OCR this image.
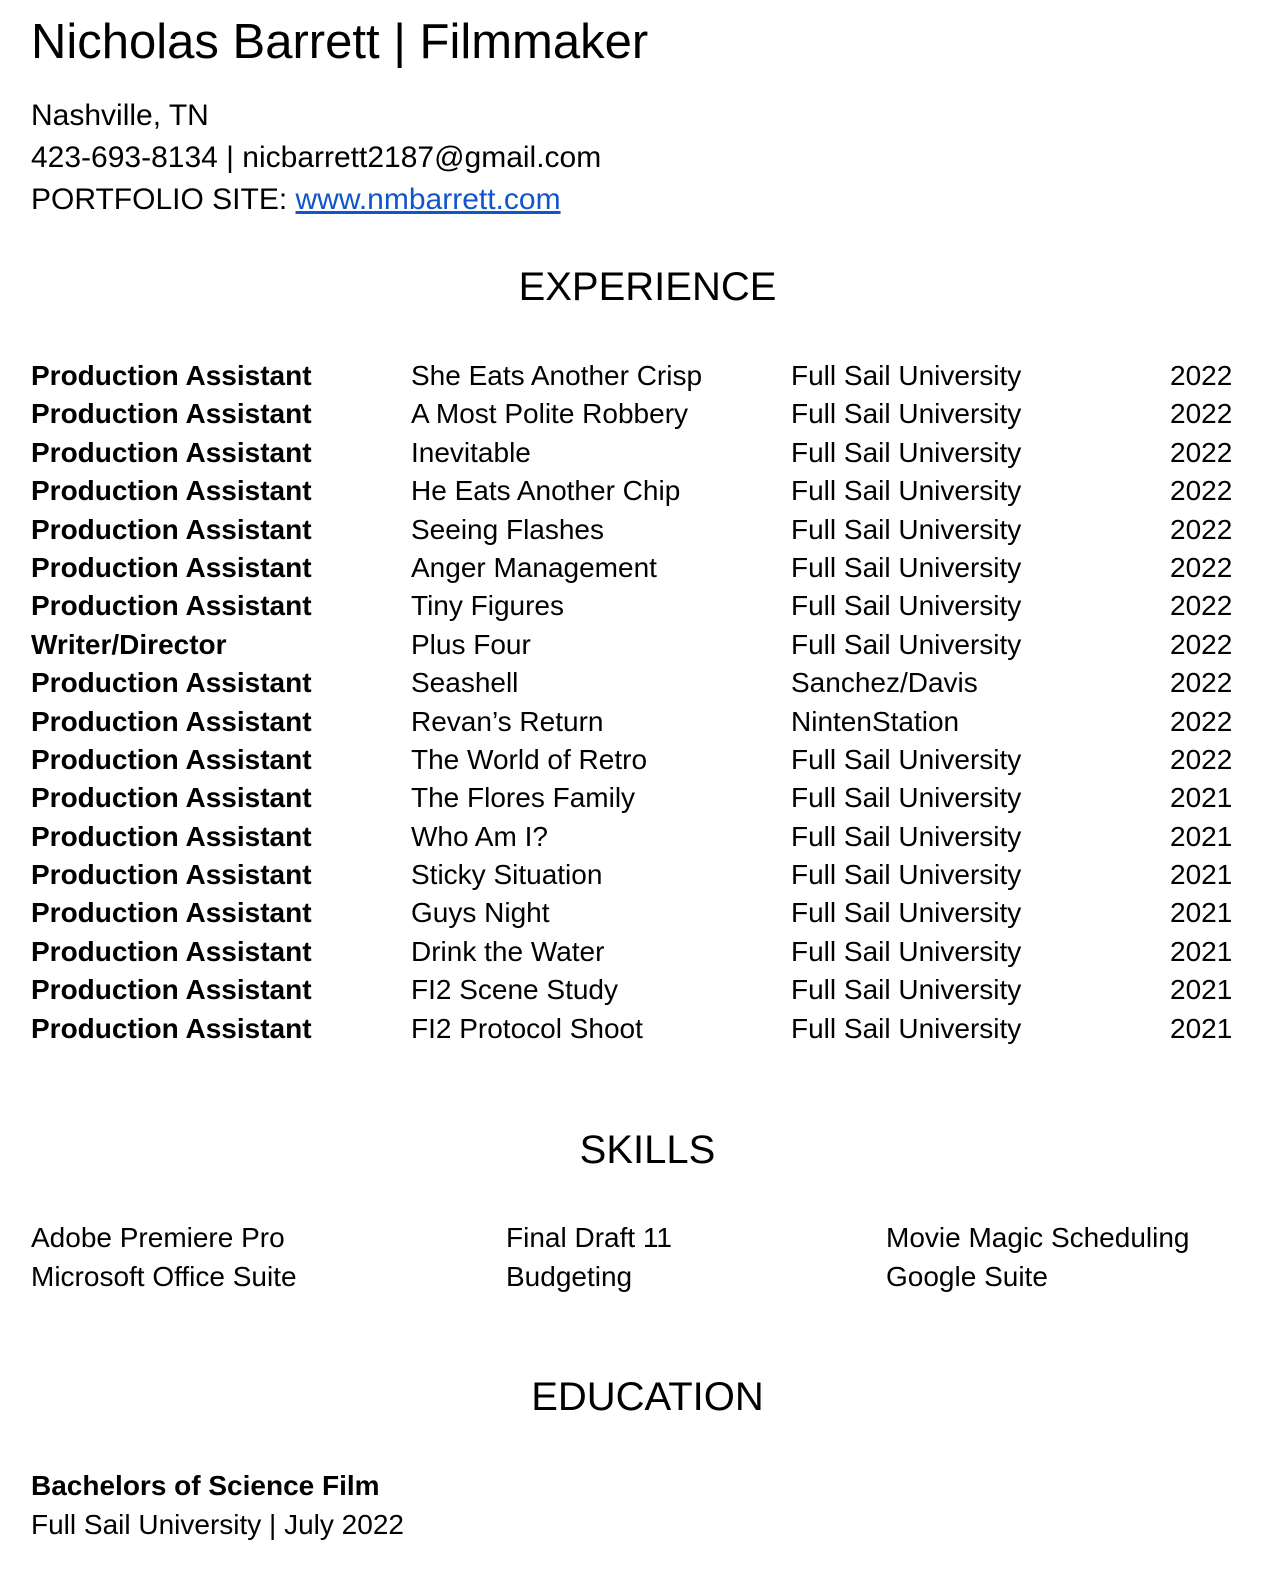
Nicholas Barrett | Filmmaker
Nashville, TN
423-693-8134 | nicbarrett2187@gmail.com
PORTFOLIO SITE: www.nmbarrett.com
EXPERIENCE
Production Assistant	She Eats Another Crisp	Full Sail University	2022
Production Assistant	A Most Polite Robbery	Full Sail University	2022
Production Assistant	Inevitable	Full Sail University	2022
Production Assistant	He Eats Another Chip	Full Sail University	2022
Production Assistant	Seeing Flashes	Full Sail University	2022
Production Assistant	Anger Management	Full Sail University	2022
Production Assistant	Tiny Figures	Full Sail University	2022
Writer/Director	Plus Four	Full Sail University	2022
Production Assistant	Seashell	Sanchez/Davis	2022
Production Assistant	Revan’s Return	NintenStation	2022
Production Assistant	The World of Retro	Full Sail University	2022
Production Assistant	The Flores Family	Full Sail University	2021
Production Assistant	Who Am I?	Full Sail University	2021
Production Assistant	Sticky Situation	Full Sail University	2021
Production Assistant	Guys Night	Full Sail University	2021
Production Assistant	Drink the Water	Full Sail University	2021
Production Assistant	FI2 Scene Study	Full Sail University	2021
Production Assistant	FI2 Protocol Shoot	Full Sail University	2021
SKILLS
Adobe Premiere Pro	Final Draft 11	Movie Magic Scheduling
Microsoft Office Suite	Budgeting	Google Suite
EDUCATION
Bachelors of Science Film
Full Sail University | July 2022
